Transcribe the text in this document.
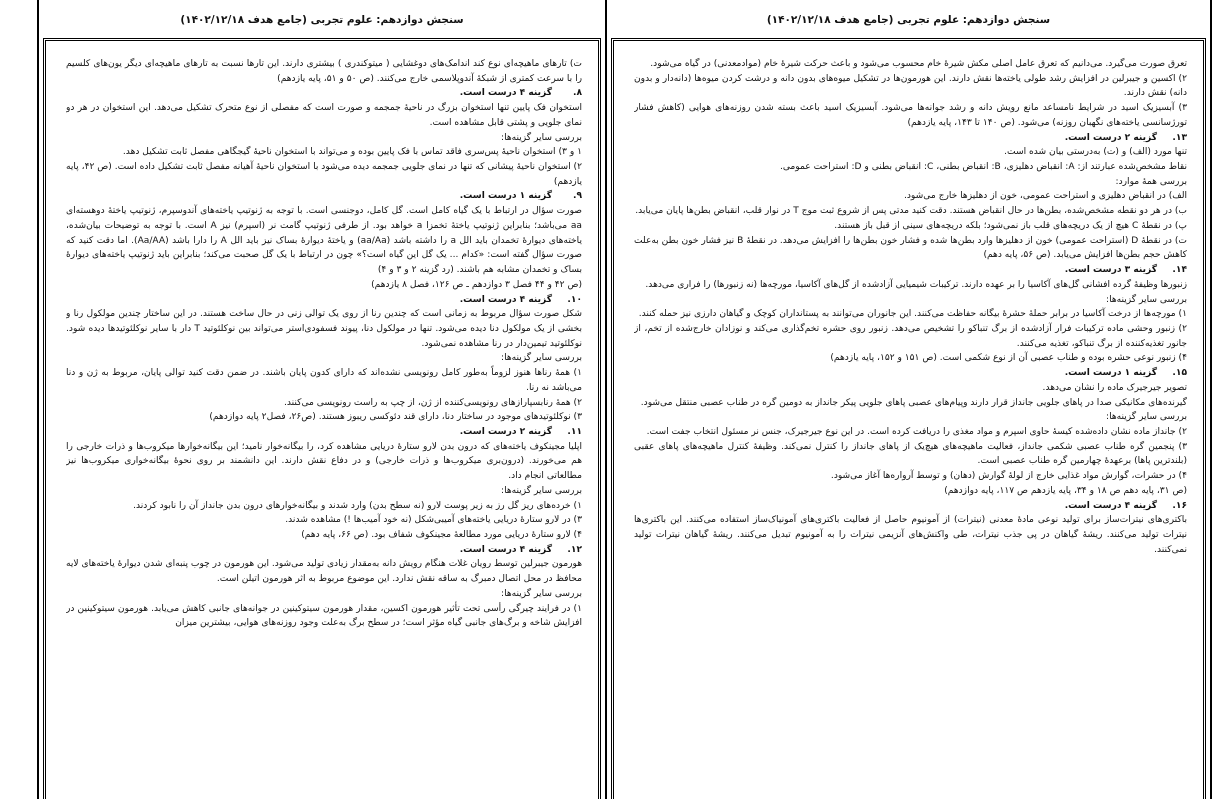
سنجش دوازدهم: علوم تجربی (جامع هدف ۱۴۰۲/۱۲/۱۸)

ت) تارهای ماهیچه‌ای نوع کند اندامک‌های دوغشایی ( میتوکندری ) بیشتری دارند. این تارها نسبت به تارهای ماهیچه‌ای دیگر یون‌های کلسیم را با سرعت کمتری از شبکهٔ آندوپلاسمی خارج می‌کنند. (ص ۵۰ و ۵۱، پایه یازدهم)

۸.گزینه ۴ درست است.

استخوان فک پایین تنها استخوان بزرگ در ناحیهٔ جمجمه و صورت است که مفصلی از نوع متحرک تشکیل می‌دهد. این استخوان در هر دو نمای جلویی و پشتی قابل مشاهده است.

بررسی سایر گزینه‌ها:

۱ و ۳) استخوان ناحیهٔ پس‌سری فاقد تماس با فک پایین بوده و می‌تواند با استخوان ناحیهٔ گیجگاهی مفصل ثابت تشکیل دهد.

۲) استخوان ناحیهٔ پیشانی که تنها در نمای جلویی جمجمه دیده می‌شود با استخوان ناحیهٔ آهیانه مفصل ثابت تشکیل داده است. (ص ۴۲، پایه یازدهم)

۹.گزینه ۱ درست است.

صورت سؤال در ارتباط با یک گیاه کامل است. گل کامل، دوجنسی است. با توجه به ژنوتیپ یاخته‌های آندوسپرم، ژنوتیپ یاختهٔ دوهسته‌ای aa می‌باشد؛ بنابراین ژنوتیپ یاختهٔ تخمزا a خواهد بود. از طرفی ژنوتیپ گامت نر (اسپرم) نیز A است. با توجه به توضیحات بیان‌شده، یاخته‌های دیوارهٔ تخمدان باید الل a را داشته باشد (aa/Aa) و یاختهٔ دیوارهٔ بساک نیز باید الل A را دارا باشد (Aa/AA). اما دقت کنید که صورت سؤال گفته است: «کدام ... یک گل این گیاه است؟» چون در ارتباط با یک گل صحبت می‌کند؛ بنابراین باید ژنوتیپ یاخته‌های دیوارهٔ بساک و تخمدان مشابه هم باشند. (رد گزینه ۲ و ۳ و ۴)

(ص ۴۲ و ۴۴ فصل ۳ دوازدهم ـ ص ۱۲۶، فصل ۸ یازدهم)

۱۰.گزینه ۴ درست است.

شکل صورت سؤال مربوط به زمانی است که چندین رنا از روی یک توالی زنی در حال ساخت هستند. در این ساختار چندین مولکول رنا و بخشی از یک مولکول دنا دیده می‌شود. تنها در مولکول دنا، پیوند فسفودی‌استر می‌تواند بین نوکلئوتید T دار با سایر نوکلئوتیدها دیده شود. نوکلئوتید تیمین‌دار در رنا مشاهده نمی‌شود.

بررسی سایر گزینه‌ها:

۱) همهٔ رناها هنوز لزوماً به‌طور کامل رونویسی نشده‌اند که دارای کدون پایان باشند. در ضمن دقت کنید توالی پایان، مربوط به ژن و دنا می‌باشد نه رنا.

۲) همهٔ رنابسپارازهای رونویسی‌کننده از ژن، از چپ به راست رونویسی می‌کنند.

۳) نوکلئوتیدهای موجود در ساختار دنا، دارای قند دئوکسی ریبوز هستند. (ص۲۶، فصل۲ پایه دوازدهم)

۱۱.گزینه ۲ درست است.

اپلیا مجینکوف یاخته‌های که درون بدن لارو ستارهٔ دریایی مشاهده کرد، را بیگانه‌خوار نامید؛ این بیگانه‌خوارها میکروب‌ها و ذرات خارجی را هم می‌خورند. (درون‌بری میکروب‌ها و ذرات خارجی) و در دفاع نقش دارند. این دانشمند بر روی نحوهٔ بیگانه‌خواری میکروب‌ها نیز مطالعاتی انجام داد.

بررسی سایر گزینه‌ها:

۱) خرده‌های ریز گل رز به زیر پوست لارو (نه سطح بدن) وارد شدند و بیگانه‌خوارهای درون بدن جانداز آن را نابود کردند.

۳) در لارو ستارهٔ دریایی یاخته‌های آمیبی‌شکل (نه خود آمیب‌ها !) مشاهده شدند.

۴) لارو ستارهٔ دریایی مورد مطالعهٔ مجینکوف شفاف بود. (ص ۶۶، پایه دهم)

۱۲.گزینه ۴ درست است.

هورمون جیبرلین توسط رویان غلات هنگام رویش دانه به‌مقدار زیادی تولید می‌شود. این هورمون در چوب پنبه‌ای شدن دیوارهٔ یاخته‌های لایه محافظ در محل اتصال دمبرگ به ساقه نقش ندارد. این موضوع مربوط به اثر هورمون اتیلن است.

بررسی سایر گزینه‌ها:

۱) در فرایند چیرگی رأسی تحت تأثیر هورمون اکسین، مقدار هورمون سیتوکینین در جوانه‌های جانبی کاهش می‌یابد. هورمون سیتوکینین در افزایش شاخه و برگ‌های جانبی گیاه مؤثر است؛ در سطح برگ به‌علت وجود روزنه‌های هوایی، بیشترین میزان

سنجش دوازدهم: علوم تجربی (جامع هدف ۱۴۰۲/۱۲/۱۸)

تعرق صورت می‌گیرد. می‌دانیم که تعرق عامل اصلی مکش شیرهٔ خام محسوب می‌شود و باعث حرکت شیرهٔ خام (موادمعدنی) در گیاه می‌شود.

۲) اکسین و جیبرلین در افزایش رشد طولی یاخته‌ها نقش دارند. این هورمون‌ها در تشکیل میوه‌های بدون دانه و درشت کردن میوه‌ها (دانه‌دار و بدون دانه) نقش دارند.

۳) آبسیزیک اسید در شرایط نامساعد مانع رویش دانه و رشد جوانه‌ها می‌شود. آبسیزیک اسید باعث بسته شدن روزنه‌های هوایی (کاهش فشار تورژسانسی یاخته‌های نگهبان روزنه) می‌شود. (ص ۱۴۰ تا ۱۴۳، پایه یازدهم)

۱۳.گزینه ۲ درست است.

تنها مورد (الف) و (ت) به‌درستی بیان شده است.

نقاط مشخص‌شده عبارتند از: A: انقباض دهلیزی، B: انقباض بطنی، C: انقباض بطنی و D: استراحت عمومی.

بررسی همهٔ موارد:

الف) در انقباض دهلیزی و استراحت عمومی، خون از دهلیزها خارج می‌شود.

ب) در هر دو نقطه مشخص‌شده، بطن‌ها در حال انقباض هستند. دقت کنید مدتی پس از شروع ثبت موج T در نوار قلب، انقباض بطن‌ها پایان می‌یابد.

پ) در نقطهٔ C هیچ از یک دریچه‌های قلب باز نمی‌شود؛ بلکه دریچه‌های سینی از قبل باز هستند.

ت) در نقطهٔ D (استراحت عمومی) خون از دهلیزها وارد بطن‌ها شده و فشار خون بطن‌ها را افزایش می‌دهد. در نقطهٔ B نیز فشار خون بطن به‌علت کاهش حجم بطن‌ها افزایش می‌یابد. (ص ۵۶، پایه دهم)

۱۴.گزینه ۳ درست است.

زنبورها وظیفهٔ گرده افشانی گل‌های آکاسیا را بر عهده دارند. ترکیبات شیمیایی آزادشده از گل‌های آکاسیا، مورچه‌ها (نه زنبورها) را فراری می‌دهد.

بررسی سایر گزینه‌ها:

۱) مورچه‌ها از درخت آکاسیا در برابر حملهٔ حشرهٔ بیگانه حفاظت می‌کنند. این جانوران می‌توانند به پستانداران کوچک و گیاهان دارزی نیز حمله کنند.

۲) زنبور وحشی ماده ترکیبات فرار آزادشده از برگ تنباکو را تشخیص می‌دهد. زنبور روی حشره تخم‌گذاری می‌کند و نوزادان خارج‌شده از تخم، از جانور تغذیه‌کننده از برگ تنباکو، تغذیه می‌کنند.

۴) زنبور نوعی حشره بوده و طناب عصبی آن از نوع شکمی است. (ص ۱۵۱ و ۱۵۲، پایه یازدهم)

۱۵.گزینه ۱ درست است.

تصویر جیرجیرک ماده را نشان می‌دهد.

گیرنده‌های مکانیکی صدا در پاهای جلویی جانداز قرار دارند وپیام‌های عصبی پاهای جلویی پیکر جانداز به دومین گره در طناب عصبی منتقل می‌شود.

بررسی سایر گزینه‌ها:

۲) جانداز ماده نشان داده‌شده کیسهٔ حاوی اسپرم و مواد مغذی را دریافت کرده است. در این نوع جیرجیرک، جنس نر مسئول انتخاب جفت است.

۳) پنجمین گره طناب عصبی شکمی جانداز، فعالیت ماهیچه‌های هیچ‌یک از پاهای جانداز را کنترل نمی‌کند. وظیفهٔ کنترل ماهیچه‌های پاهای عقبی (بلندترین پاها) برعهدهٔ چهارمین گره طناب عصبی است.

۴) در حشرات، گوارش مواد غذایی خارج از لولهٔ گوارش (دهان) و توسط آرواره‌ها آغاز می‌شود.

(ص ۳۱، پایه دهم ص ۱۸ و ۳۴، پایه یازدهم ص ۱۱۷، پایه دوازدهم)

۱۶.گزینه ۴ درست است.

باکتری‌های نیترات‌ساز برای تولید نوعی مادهٔ معدنی (نیترات) از آمونیوم حاصل از فعالیت باکتری‌های آمونیاک‌ساز استفاده می‌کنند. این باکتری‌ها نیترات تولید می‌کنند. ریشهٔ گیاهان در پی جذب نیترات، طی واکنش‌های آنزیمی نیترات را به آمونیوم تبدیل می‌کنند. ریشهٔ گیاهان نیترات تولید نمی‌کنند.
